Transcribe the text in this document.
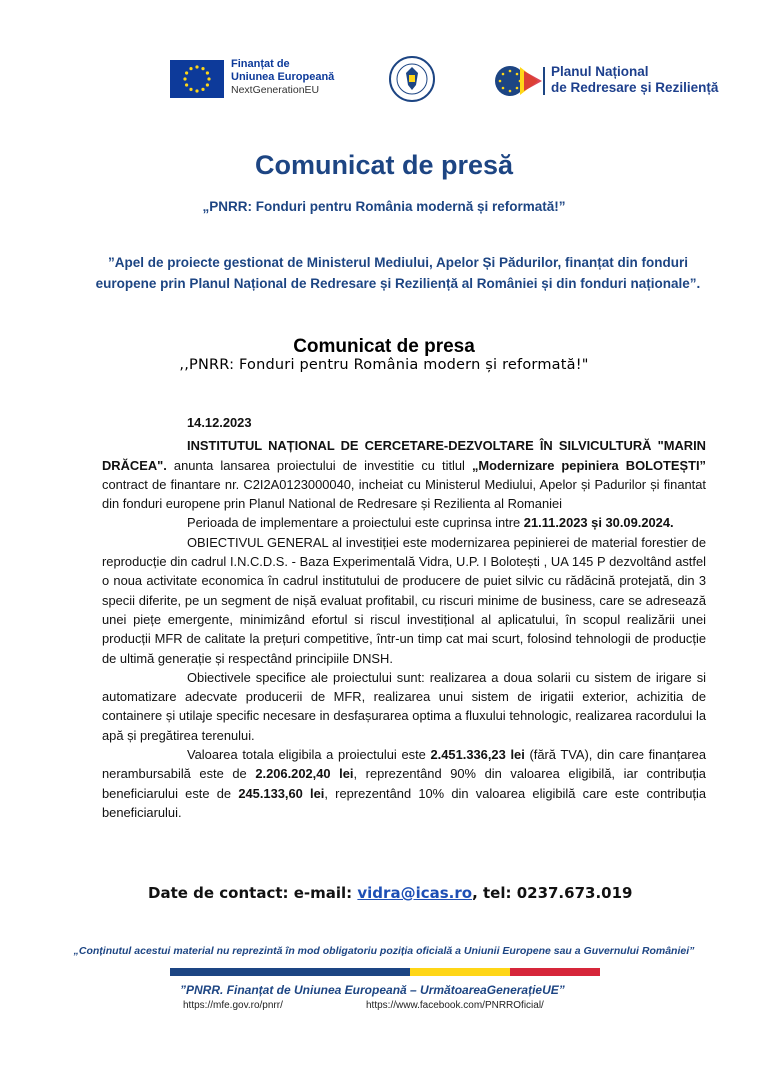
Finanțat de
Uniunea Europeană
NextGenerationEU
Planul Național
de Redresare și Reziliență
Comunicat de presă
„PNRR: Fonduri pentru România modernă și reformată!”
”Apel de proiecte gestionat de Ministerul Mediului, Apelor Și Pădurilor, finanțat din fonduri europene prin Planul Național de Redresare și Reziliență al României și din fonduri naționale”.
Comunicat de presa
,,PNRR: Fonduri pentru România modern și reformată!"

14.12.2023

INSTITUTUL NAȚIONAL DE CERCETARE-DEZVOLTARE ÎN SILVICULTURĂ "MARIN DRĂCEA". anunta lansarea proiectului de investitie cu titlul „Modernizare pepiniera BOLOTEȘTI” contract de finantare nr. C2I2A0123000040, incheiat cu Ministerul Mediului, Apelor și Padurilor și finantat din fonduri europene prin Planul National de Redresare și Rezilienta al Romaniei

Perioada de implementare a proiectului este cuprinsa intre 21.11.2023 și 30.09.2024.

OBIECTIVUL GENERAL al investiției este modernizarea pepinierei de material forestier de reproducție din cadrul I.N.C.D.S. - Baza Experimentală Vidra, U.P. I Bolotești , UA 145 P dezvoltând astfel o noua activitate economica în cadrul institutului de producere de puiet silvic cu rădăcină protejată, din 3 specii diferite, pe un segment de nișă evaluat profitabil, cu riscuri minime de business, care se adresează unei piețe emergente, minimizând efortul si riscul investițional al aplicatului, în scopul realizării unei producții MFR de calitate la prețuri competitive, într-un timp cat mai scurt, folosind tehnologii de producție de ultimă generație și respectând principiile DNSH.

Obiectivele specifice ale proiectului sunt: realizarea a doua solarii cu sistem de irigare si automatizare adecvate producerii de MFR, realizarea unui sistem de irigatii exterior, achizitia de containere și utilaje specific necesare in desfașurarea optima a fluxului tehnologic, realizarea racordului la apă și pregătirea terenului.

Valoarea totala eligibila a proiectului este 2.451.336,23 lei (fără TVA), din care finanțarea nerambursabilă este de 2.206.202,40 lei, reprezentând 90% din valoarea eligibilă, iar contribuția beneficiarului este de 245.133,60 lei, reprezentând 10% din valoarea eligibilă care este contribuția beneficiarului.

Date de contact: e-mail: vidra@icas.ro, tel: 0237.673.019
„Conținutul acestui material nu reprezintă în mod obligatoriu poziția oficială a Uniunii Europene sau a Guvernului României”
”PNRR. Finanțat de Uniunea Europeană – UrmătoareaGenerațieUE”
https://mfe.gov.ro/pnrr/	https://www.facebook.com/PNRROficial/
